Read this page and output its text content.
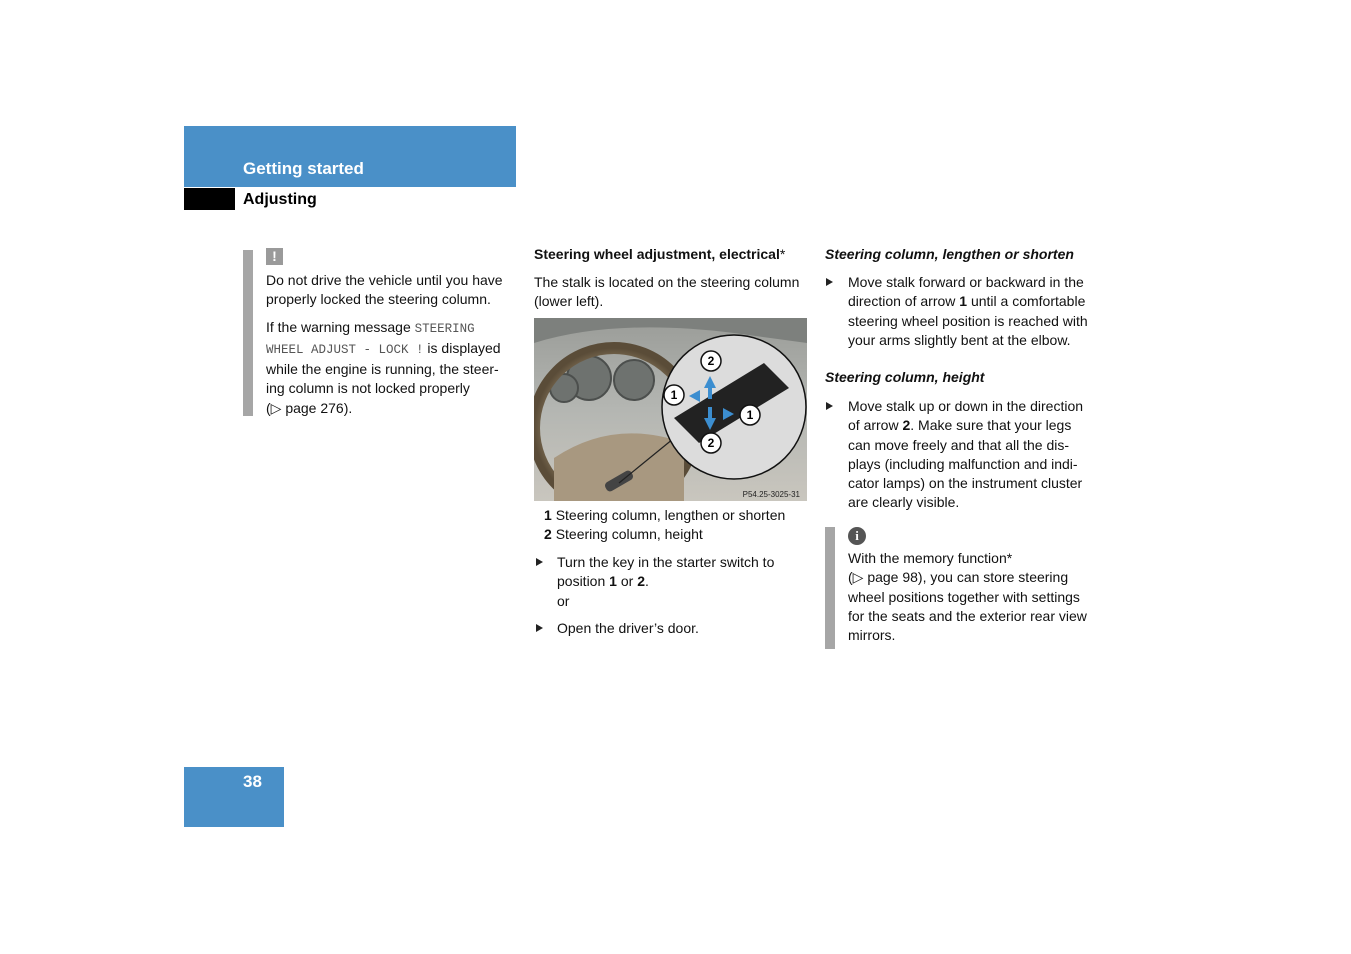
Getting started
Adjusting
!
Do not drive the vehicle until you have
properly locked the steering column.
If the warning message STEERING
WHEEL ADJUST - LOCK ! is displayed
while the engine is running, the steer-
ing column is not locked properly
(▷ page 276).
Steering wheel adjustment, electrical*
The stalk is located on the steering column
(lower left).
2
2
1
1
P54.25-3025-31
1 Steering column, lengthen or shorten
2 Steering column, height
Turn the key in the starter switch to
position 1 or 2.
or
Open the driver’s door.
Steering column, lengthen or shorten
Move stalk forward or backward in the
direction of arrow 1 until a comfortable
steering wheel position is reached with
your arms slightly bent at the elbow.
Steering column, height
Move stalk up or down in the direction
of arrow 2. Make sure that your legs
can move freely and that all the dis-
plays (including malfunction and indi-
cator lamps) on the instrument cluster
are clearly visible.
i
With the memory function*
(▷ page 98), you can store steering
wheel positions together with settings
for the seats and the exterior rear view
mirrors.
38
